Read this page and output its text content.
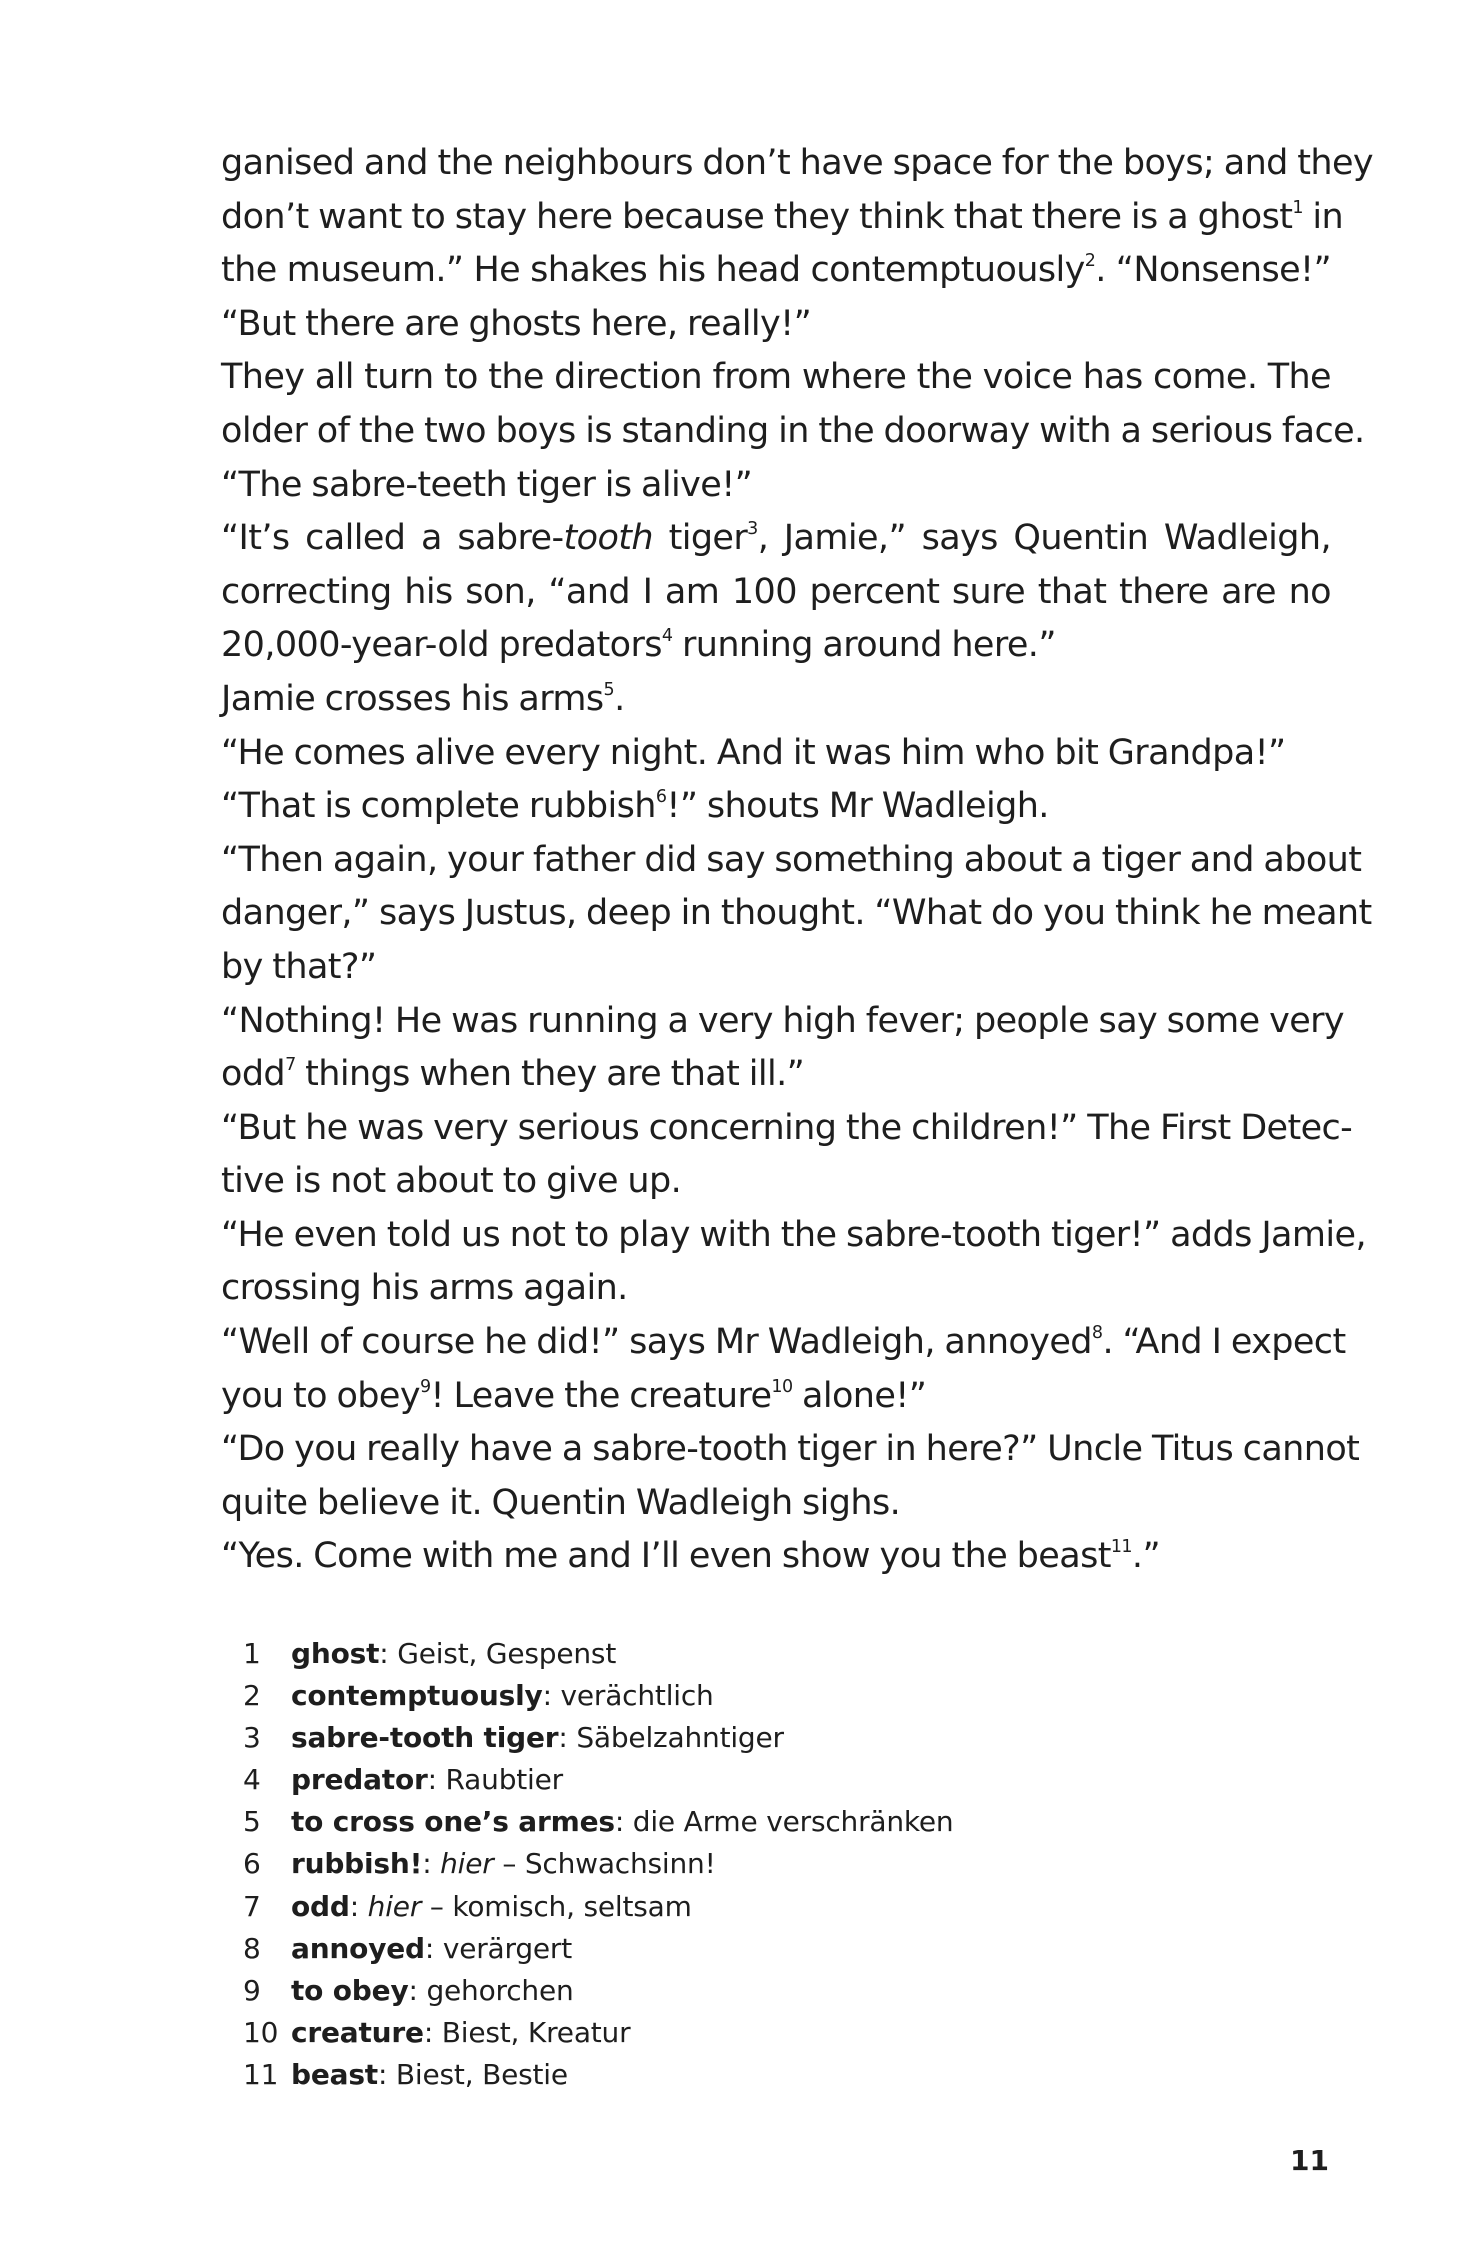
ganised and the neighbours don’t have space for the boys; and they
don’t want to stay here because they think that there is a ghost$^1$ in
the museum.” He shakes his head contemptuously$^2$. “Nonsense!”
“But there are ghosts here, really!”
They all turn to the direction from where the voice has come. The
older of the two boys is standing in the doorway with a serious face.
“The sabre-teeth tiger is alive!”
“It’s called a sabre-tooth tiger$^3$, Jamie,” says Quentin Wadleigh,
correcting his son, “and I am 100 percent sure that there are no
20,000-year-old predators$^4$ running around here.”
Jamie crosses his arms$^5$.
“He comes alive every night. And it was him who bit Grandpa!”
“That is complete rubbish$^6$!” shouts Mr Wadleigh.
“Then again, your father did say something about a tiger and about
danger,” says Justus, deep in thought. “What do you think he meant
by that?”
“Nothing! He was running a very high fever; people say some very
odd$^7$ things when they are that ill.”
“But he was very serious concerning the children!” The First Detec-
tive is not about to give up.
“He even told us not to play with the sabre-tooth tiger!” adds Jamie,
crossing his arms again.
“Well of course he did!” says Mr Wadleigh, annoyed$^8$. “And I expect
you to obey$^9$! Leave the creature$^{10}$ alone!”
“Do you really have a sabre-tooth tiger in here?” Uncle Titus cannot
quite believe it. Quentin Wadleigh sighs.
“Yes. Come with me and I’ll even show you the beast$^{11}$.”
1 ghost: Geist, Gespenst
2 contemptuously: verächtlich
3 sabre-tooth tiger: Säbelzahntiger
4 predator: Raubtier
5 to cross one’s armes: die Arme verschränken
6 rubbish!: hier – Schwachsinn!
7 odd: hier – komisch, seltsam
8 annoyed: verärgert
9 to obey: gehorchen
10 creature: Biest, Kreatur
11 beast: Biest, Bestie
11
